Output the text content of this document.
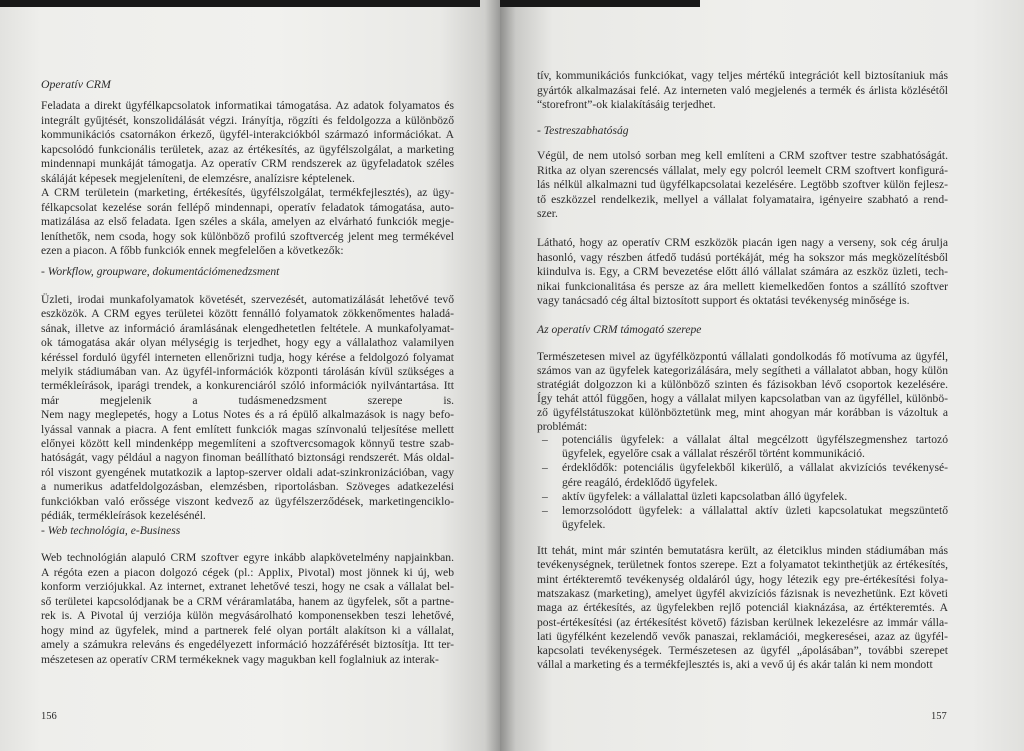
Operatív CRM
Feladata a direkt ügyfélkapcsolatok informatikai támogatása. Az adatok folyamatos és
integrált gyűjtését, konszolidálását végzi. Irányítja, rögzíti és feldolgozza a különböző
kommunikációs csatornákon érkező, ügyfél-interakciókból származó információkat. A
kapcsolódó funkcionális területek, azaz az értékesítés, az ügyfélszolgálat, a marketing
mindennapi munkáját támogatja. Az operatív CRM rendszerek az ügyfeladatok széles
skáláját képesek megjeleníteni, de elemzésre, analízisre képtelenek.
A CRM területein (marketing, értékesítés, ügyfélszolgálat, termékfejlesztés), az ügy-
félkapcsolat kezelése során fellépő mindennapi, operatív feladatok támogatása, auto-
matizálása az első feladata. Igen széles a skála, amelyen az elvárható funkciók megje-
leníthetők, nem csoda, hogy sok különböző profilú szoftvercég jelent meg termékével
ezen a piacon. A főbb funkciók ennek megfelelően a következők:
- Workflow, groupware, dokumentációmenedzsment
Üzleti, irodai munkafolyamatok követését, szervezését, automatizálását lehetővé tevő
eszközök. A CRM egyes területei között fennálló folyamatok zökkenőmentes haladá-
sának, illetve az információ áramlásának elengedhetetlen feltétele. A munkafolyamat-
ok támogatása akár olyan mélységig is terjedhet, hogy egy a vállalathoz valamilyen
kéréssel forduló ügyfél interneten ellenőrizni tudja, hogy kérése a feldolgozó folyamat
melyik stádiumában van. Az ügyfél-információk központi tárolásán kívül szükséges a
termékleírások, iparági trendek, a konkurenciáról szóló információk nyilvántartása. Itt
már megjelenik a tudásmenedzsment szerepe is.
Nem nagy meglepetés, hogy a Lotus Notes és a rá épülő alkalmazások is nagy befo-
lyással vannak a piacra. A fent említett funkciók magas színvonalú teljesítése mellett
előnyei között kell mindenképp megemlíteni a szoftvercsomagok könnyű testre szab-
hatóságát, vagy például a nagyon finoman beállítható biztonsági rendszerét. Más oldal-
ról viszont gyengének mutatkozik a laptop-szerver oldali adat-szinkronizációban, vagy
a numerikus adatfeldolgozásban, elemzésben, riportolásban. Szöveges adatkezelési
funkciókban való erőssége viszont kedvező az ügyfélszerződések, marketingenciklo-
pédiák, termékleírások kezelésénél.
- Web technológia, e-Business
Web technológián alapuló CRM szoftver egyre inkább alapkövetelmény napjainkban.
A régóta ezen a piacon dolgozó cégek (pl.: Applix, Pivotal) most jönnek ki új, web
konform verziójukkal. Az internet, extranet lehetővé teszi, hogy ne csak a vállalat bel-
ső területei kapcsolódjanak be a CRM véráramlatába, hanem az ügyfelek, sőt a partne-
rek is. A Pivotal új verziója külön megvásárolható komponensekben teszi lehetővé,
hogy mind az ügyfelek, mind a partnerek felé olyan portált alakítson ki a vállalat,
amely a számukra releváns és engedélyezett információ hozzáférését biztosítja. Itt ter-
mészetesen az operatív CRM termékeknek vagy magukban kell foglalniuk az interak-
156
tív, kommunikációs funkciókat, vagy teljes mértékű integrációt kell biztosítaniuk más
gyártók alkalmazásai felé. Az interneten való megjelenés a termék és árlista közlésétől
“storefront”-ok kialakításáig terjedhet.
- Testreszabhatóság
Végül, de nem utolsó sorban meg kell említeni a CRM szoftver testre szabhatóságát.
Ritka az olyan szerencsés vállalat, mely egy polcról leemelt CRM szoftvert konfigurá-
lás nélkül alkalmazni tud ügyfélkapcsolatai kezelésére. Legtöbb szoftver külön fejlesz-
tő eszközzel rendelkezik, mellyel a vállalat folyamataira, igényeire szabható a rend-
szer.
Látható, hogy az operatív CRM eszközök piacán igen nagy a verseny, sok cég árulja
hasonló, vagy részben átfedő tudású portékáját, még ha sokszor más megközelítésből
kiindulva is. Egy, a CRM bevezetése előtt álló vállalat számára az eszköz üzleti, tech-
nikai funkcionalitása és persze az ára mellett kiemelkedően fontos a szállító szoftver
vagy tanácsadó cég által biztosított support és oktatási tevékenység minősége is.
Az operatív CRM támogató szerepe
Természetesen mivel az ügyfélközpontú vállalati gondolkodás fő motívuma az ügyfél,
számos van az ügyfelek kategorizálására, mely segítheti a vállalatot abban, hogy külön
stratégiát dolgozzon ki a különböző szinten és fázisokban lévő csoportok kezelésére.
Így tehát attól függően, hogy a vállalat milyen kapcsolatban van az ügyféllel, különbö-
ző ügyfélstátuszokat különböztetünk meg, mint ahogyan már korábban is vázoltuk a
problémát:
– potenciális ügyfelek: a vállalat által megcélzott ügyfélszegmenshez tartozó
ügyfelek, egyelőre csak a vállalat részéről történt kommunikáció.
– érdeklődők: potenciális ügyfelekből kikerülő, a vállalat akvizíciós tevékenysé-
gére reagáló, érdeklődő ügyfelek.
– aktív ügyfelek: a vállalattal üzleti kapcsolatban álló ügyfelek.
– lemorzsolódott ügyfelek: a vállalattal aktív üzleti kapcsolatukat megszüntető
ügyfelek.
Itt tehát, mint már szintén bemutatásra került, az életciklus minden stádiumában más
tevékenységnek, területnek fontos szerepe. Ezt a folyamatot tekinthetjük az értékesítés,
mint értékteremtő tevékenység oldaláról úgy, hogy létezik egy pre-értékesítési folya-
matszakasz (marketing), amelyet ügyfél akvizíciós fázisnak is nevezhetünk. Ezt követi
maga az értékesítés, az ügyfelekben rejlő potenciál kiaknázása, az értékteremtés. A
post-értékesítési (az értékesítést követő) fázisban kerülnek lekezelésre az immár válla-
lati ügyfélként kezelendő vevők panaszai, reklamációi, megkeresései, azaz az ügyfél-
kapcsolati tevékenységek. Természetesen az ügyfél „ápolásában”, további szerepet
vállal a marketing és a termékfejlesztés is, aki a vevő új és akár talán ki nem mondott
157
